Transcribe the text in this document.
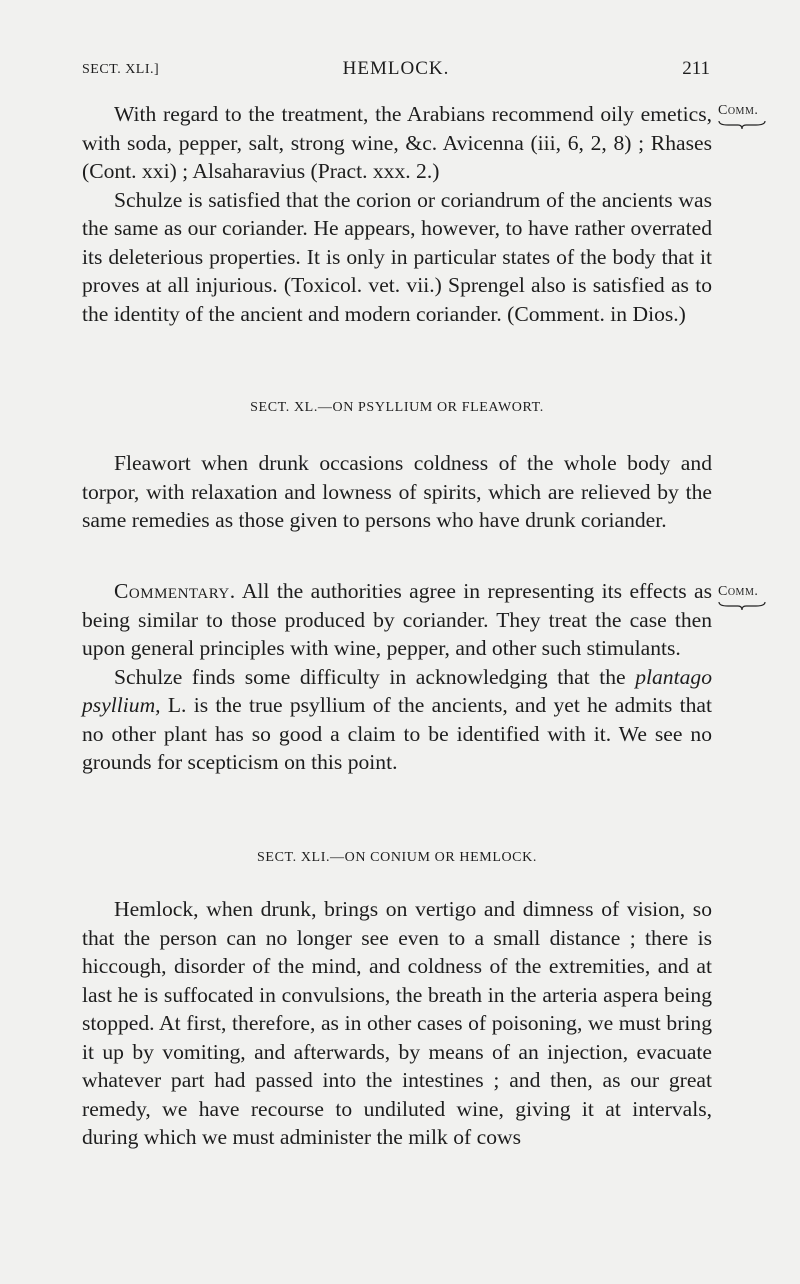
SECT. XLI.]	HEMLOCK.	211
Comm.
Comm.

With regard to the treatment, the Arabians recommend oily emetics, with soda, pepper, salt, strong wine, &c. Avicenna (iii, 6, 2, 8) ; Rhases (Cont. xxi) ; Alsaharavius (Pract. xxx. 2.)

Schulze is satisfied that the corion or coriandrum of the ancients was the same as our coriander. He appears, however, to have rather overrated its deleterious properties. It is only in particular states of the body that it proves at all injurious. (Toxicol. vet. vii.) Sprengel also is satisfied as to the identity of the ancient and modern coriander. (Comment. in Dios.)

SECT. XL.—ON PSYLLIUM OR FLEAWORT.

Fleawort when drunk occasions coldness of the whole body and torpor, with relaxation and lowness of spirits, which are relieved by the same remedies as those given to persons who have drunk coriander.

Commentary. All the authorities agree in representing its effects as being similar to those produced by coriander. They treat the case then upon general principles with wine, pepper, and other such stimulants.

Schulze finds some difficulty in acknowledging that the plantago psyllium, L. is the true psyllium of the ancients, and yet he admits that no other plant has so good a claim to be identified with it. We see no grounds for scepticism on this point.

SECT. XLI.—ON CONIUM OR HEMLOCK.

Hemlock, when drunk, brings on vertigo and dimness of vision, so that the person can no longer see even to a small distance ; there is hiccough, disorder of the mind, and coldness of the extremities, and at last he is suffocated in convulsions, the breath in the arteria aspera being stopped. At first, therefore, as in other cases of poisoning, we must bring it up by vomiting, and afterwards, by means of an injection, evacuate whatever part had passed into the intestines ; and then, as our great remedy, we have recourse to undiluted wine, giving it at intervals, during which we must administer the milk of cows
